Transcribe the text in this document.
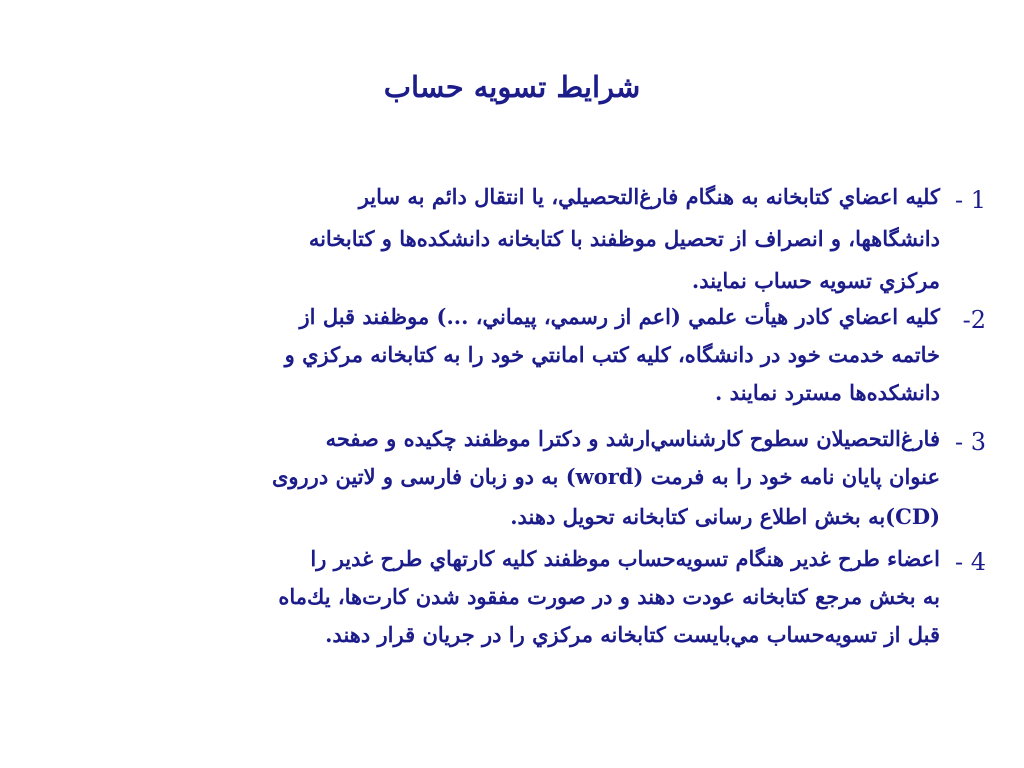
شرايط تسويه حساب
1 -
كليه اعضاي كتابخانه به هنگام فارغ‌التحصيلي، يا انتقال دائم به ساير
دانشگاهها، و انصراف از تحصيل موظفند با كتابخانه دانشكده‌ها و كتابخانه
مركزي تسويه حساب نمايند.
2-
كليه اعضاي كادر هيأت علمي (اعم از رسمي، پيماني، ...) موظفند قبل از
خاتمه خدمت خود در دانشگاه، كليه كتب امانتي خود را به كتابخانه مركزي و
دانشكده‌ها مسترد نمايند .
3 -
فارغ‌التحصيلان سطوح كارشناسي‌ارشد و دكترا موظفند چكيده و صفحه
عنوان پايان نامه خود را به فرمت (word) به دو زبان فارسی و لاتين دررو‌ی
(CD)به بخش اطلاع رسانی کتابخانه تحويل دهند.
4 -
اعضاء طرح غدير هنگام تسويه‌حساب موظفند كليه كارتهاي طرح غدير را
به بخش مرجع كتابخانه عودت دهند و در صورت مفقود شدن كارت‌ها، يك‌ماه
قبل از تسويه‌حساب مي‌بايست كتابخانه مركزي را در جريان قرار دهند.
